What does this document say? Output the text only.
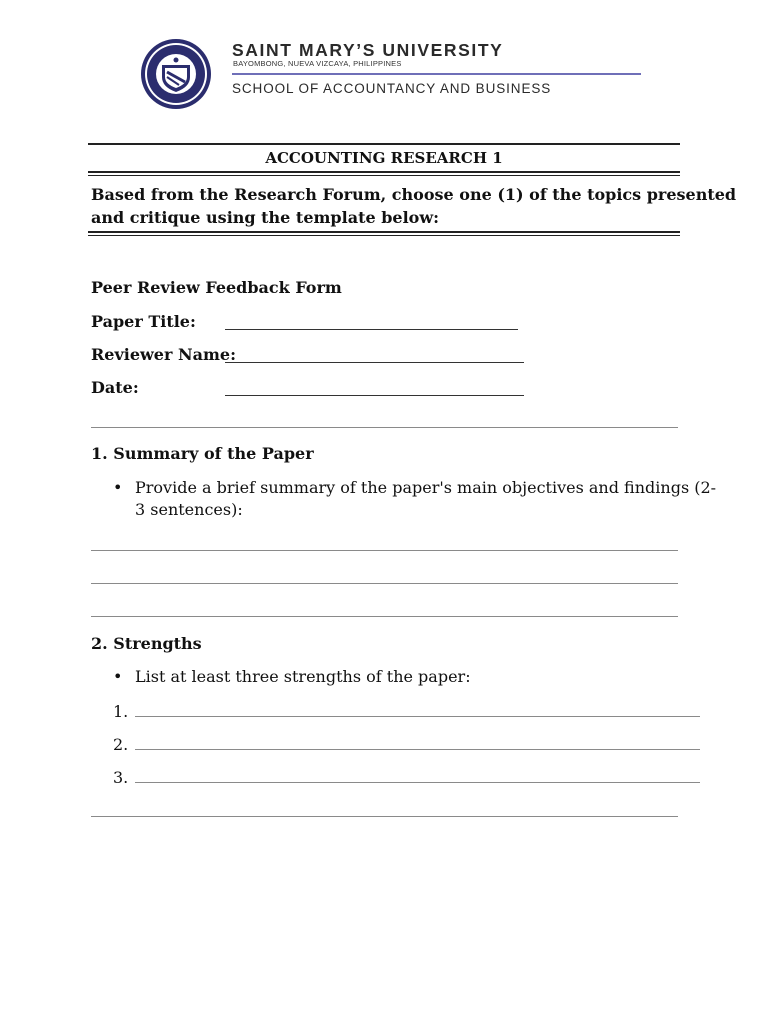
SAINT MARY’S UNIVERSITY
BAYOMBONG, NUEVA VIZCAYA, PHILIPPINES
SCHOOL OF ACCOUNTANCY AND BUSINESS
ACCOUNTING RESEARCH 1
Based from the Research Forum, choose one (1) of the topics presented
and critique using the template below:
Peer Review Feedback Form
Paper Title:
Reviewer Name:
Date:
1. Summary of the Paper
• Provide a brief summary of the paper's main objectives and findings (2-
3 sentences):
2. Strengths
• List at least three strengths of the paper:
1.
2.
3.
